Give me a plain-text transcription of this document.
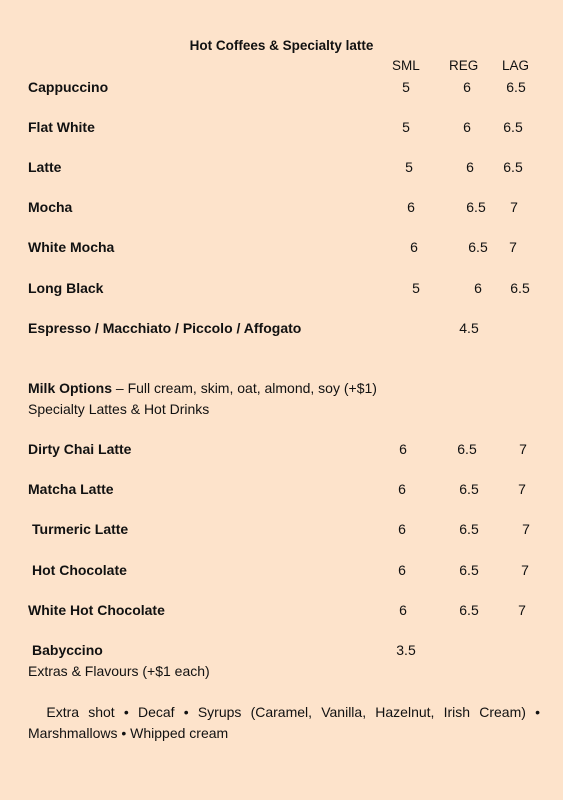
Hot Coffees & Specialty latte
SML REG LAG
Cappuccino	5	6	6.5
Flat White	5	6 6.5
Latte	5	6 6.5
Mocha	6	6.5 7
White Mocha	6	6.5 7
Long Black	5	6 6.5
Espresso / Macchiato / Piccolo / Affogato	4.5
Milk Options – Full cream, skim, oat, almond, soy (+$1)
Specialty Lattes & Hot Drinks
Dirty Chai Latte	6	6.5	7
Matcha Latte	6	6.5	7
Turmeric Latte	6	6.5	7
Hot Chocolate	6	6.5	7
White Hot Chocolate	6	6.5	7
Babyccino	3.5
Extras & Flavours (+$1 each)
Extra shot • Decaf • Syrups (Caramel, Vanilla, Hazelnut, Irish Cream) • Marshmallows • Whipped cream
